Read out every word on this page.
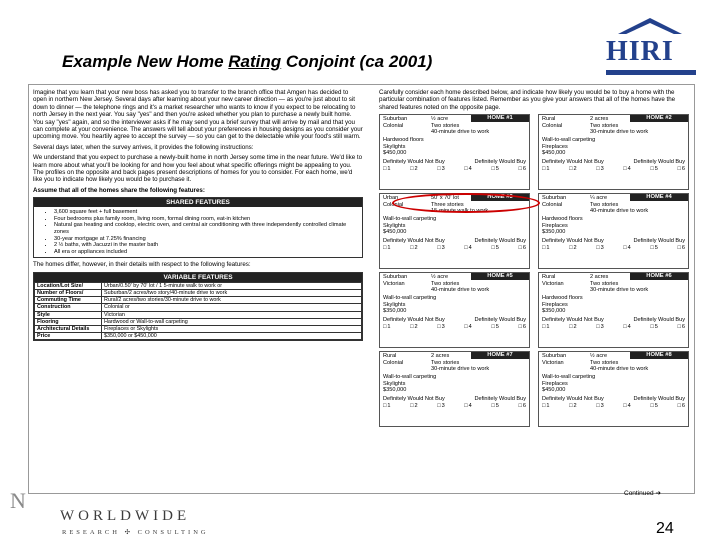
Example New Home Rating Conjoint (ca 2001)	HIRI

Imagine that you learn that your new boss has asked you to transfer to the branch office that Amgen has decided to open in northern New Jersey. Several days after learning about your new career direction — as you're just about to sit down to dinner — the telephone rings and it's a market researcher who wants to know if you expect to be relocating to north Jersey in the next year. You say "yes" and then you're asked whether you plan to purchase a newly built home. You say "yes" again, and so the interviewer asks if he may send you a brief survey that will arrive by mail and that you can complete at your convenience. The answers will tell about your preferences in housing designs as you consider your upcoming move. You heartily agree to accept the survey — so you can get to the delectable while your food's still warm.

Several days later, when the survey arrives, it provides the following instructions:

We understand that you expect to purchase a newly-built home in north Jersey some time in the near future. We'd like to learn more about what you'll be looking for and how you feel about what specific offerings might be appealing to you. The profiles on the opposite and back pages present descriptions of homes for you to consider. For each home, we'd like you to indicate how likely you would be to purchase it.

Assume that all of the homes share the following features:

SHARED FEATURES
• 3,600 square feet + full basement
• Four bedrooms plus family room, living room, formal dining room, eat-in kitchen
• Natural gas heating and cooktop, electric oven, and central air conditioning with three independently controlled climate zones
• 30-year mortgage at 7.25% financing
• 2 ½ baths, with Jacuzzi in the master bath
• All era or appliances included

The homes differ, however, in their details with respect to the following features:

VARIABLE FEATURES
Location/Lot Size/	Urban/0.50' by 70' lot / 1 5-minute walk to work or
Number of Floors/	Suburban/2 acres/two story/40-minute drive to work
Commuting Time	Rural/2 acres/two stories/30-minute drive to work
Construction	Colonial or
Style	Victorian
Flooring	Hardwood or Wall-to-wall carpeting
Architectural Details	Fireplaces or Skylights
Price	$350,000 or $450,000

Carefully consider each home described below, and indicate how likely you would be to buy a home with the particular combination of features listed. Remember as you give your answers that all of the homes have the shared features noted on the opposite page.

HOME #1
Suburban	½ acre
Colonial	Two stories
40-minute drive to work
Hardwood floors
Skylights
$450,000
Definitely Would Not Buy	Definitely Would Buy
□ 1	□ 2	□ 3	□ 4	□ 5	□ 6
HOME #2
Rural	2 acres
Colonial	Two stories
30-minute drive to work
Wall-to-wall carpeting
Fireplaces
$450,000
Definitely Would Not Buy	Definitely Would Buy
□ 1	□ 2	□ 3	□ 4	□ 5	□ 6
HOME #3
Urban	50' x 70' lot
Colonial	Three stories
15-minute walk to work
Wall-to-wall carpeting
Skylights
$450,000
Definitely Would Not Buy	Definitely Would Buy
□ 1	□ 2	□ 3	□ 4	□ 5	□ 6
HOME #4
Suburban	¼ acre
Colonial	Two stories
40-minute drive to work
Hardwood floors
Fireplaces
$350,000
Definitely Would Not Buy	Definitely Would Buy
□ 1	□ 2	□ 3	□ 4	□ 5	□ 6
HOME #5
Suburban	½ acre
Victorian	Two stories
40-minute drive to work
Wall-to-wall carpeting
Skylights
$350,000
Definitely Would Not Buy	Definitely Would Buy
□ 1	□ 2	□ 3	□ 4	□ 5	□ 6
HOME #6
Rural	2 acres
Victorian	Two stories
30-minute drive to work
Hardwood floors
Fireplaces
$350,000
Definitely Would Not Buy	Definitely Would Buy
□ 1	□ 2	□ 3	□ 4	□ 5	□ 6
HOME #7
Rural	2 acres
Colonial	Two stories
30-minute drive to work
Wall-to-wall carpeting
Skylights
$350,000
Definitely Would Not Buy	Definitely Would Buy
□ 1	□ 2	□ 3	□ 4	□ 5	□ 6
HOME #8
Suburban	½ acre
Victorian	Two stories
40-minute drive to work
Wall-to-wall carpeting
Fireplaces
$450,000
Definitely Would Not Buy	Definitely Would Buy
□ 1	□ 2	□ 3	□ 4	□ 5	□ 6
Continued ➔
N
WORLDWIDE
RESEARCH ✣ CONSULTING	24
